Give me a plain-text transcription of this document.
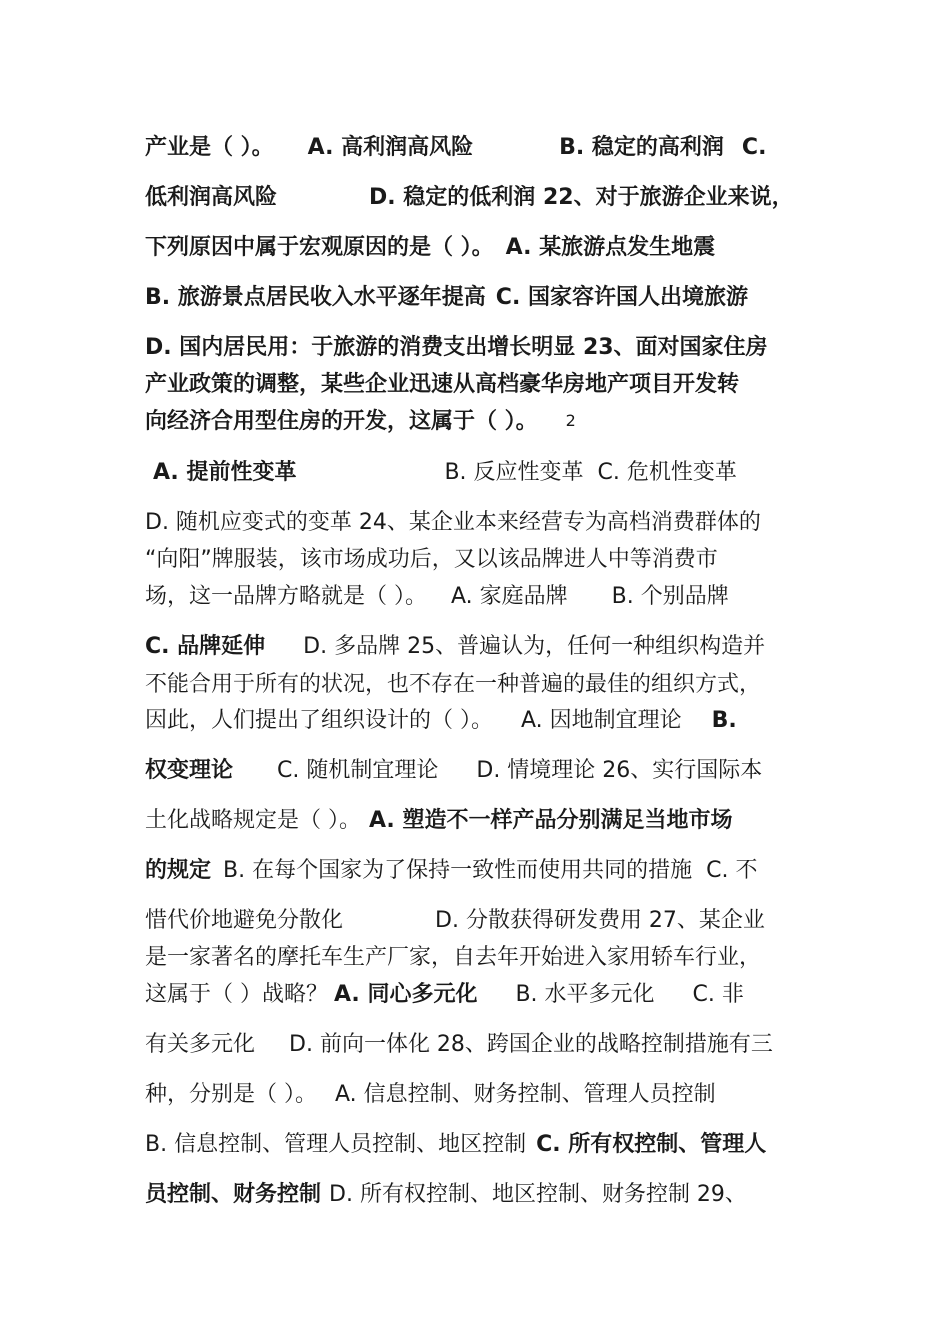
产业是（ ）。 A. 高利润高风险	B. 稳定的高利润 C.
低利润高风险	D. 稳定的低利润 22、对于旅游企业来说，
下列原因中属于宏观原因的是（ ）。 A. 某旅游点发生地震
B. 旅游景点居民收入水平逐年提高 C. 国家容许国人出境旅游
D. 国内居民用：于旅游的消费支出增长明显 23、面对国家住房
产业政策的调整，某些企业迅速从高档豪华房地产项目开发转
向经济合用型住房的开发，这属于（ ）。 2
A. 提前性变革	B. 反应性变革 C. 危机性变革
D. 随机应变式的变革 24、某企业本来经营专为高档消费群体的
“向阳”牌服装，该市场成功后，又以该品牌进人中等消费市
场，这一品牌方略就是（ ）。 A. 家庭品牌 B. 个别品牌
C. 品牌延伸 D. 多品牌 25、普遍认为，任何一种组织构造并
不能合用于所有的状况，也不存在一种普遍的最佳的组织方式，
因此，人们提出了组织设计的（ ）。 A. 因地制宜理论 B.
权变理论 C. 随机制宜理论 D. 情境理论 26、实行国际本
土化战略规定是（ ）。 A. 塑造不一样产品分别满足当地市场
的规定 B. 在每个国家为了保持一致性而使用共同的措施 C. 不
惜代价地避免分散化	D. 分散获得研发费用 27、某企业
是一家著名的摩托车生产厂家，自去年开始进入家用轿车行业，
这属于（ ）战略？ A. 同心多元化 B. 水平多元化 C. 非
有关多元化 D. 前向一体化 28、跨国企业的战略控制措施有三
种，分别是（ ）。 A. 信息控制、财务控制、管理人员控制
B. 信息控制、管理人员控制、地区控制 C. 所有权控制、管理人
员控制、财务控制 D. 所有权控制、地区控制、财务控制 29、
